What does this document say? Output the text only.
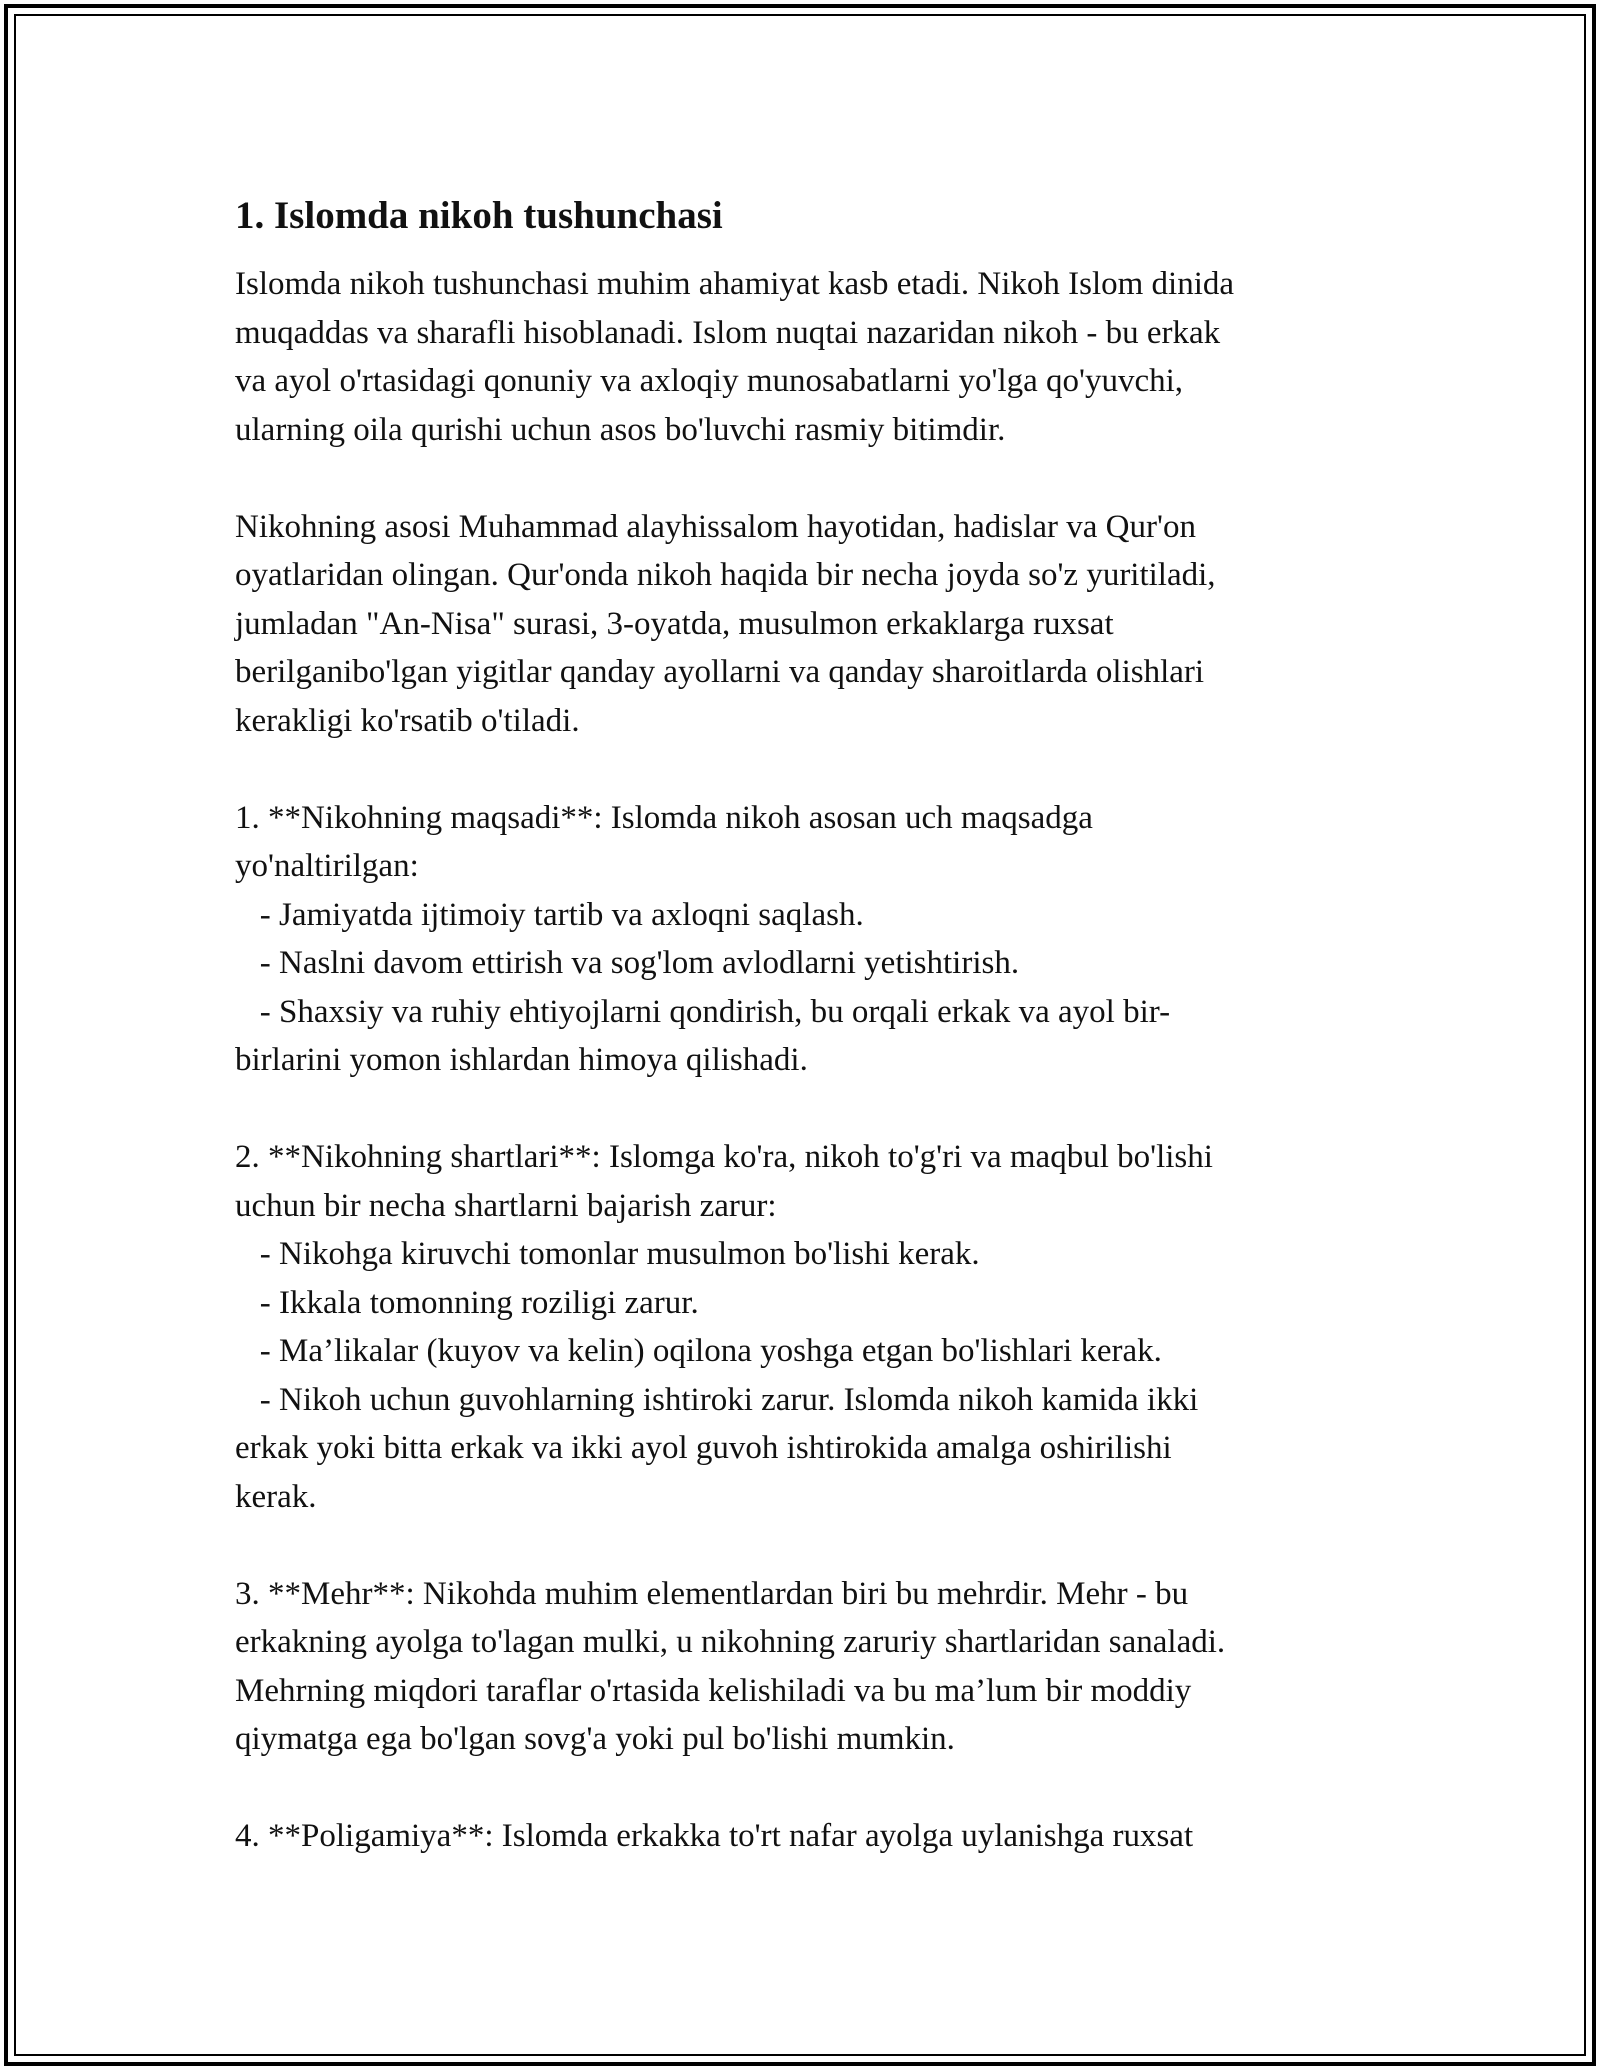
1. Islomda nikoh tushunchasi

Islomda nikoh tushunchasi muhim ahamiyat kasb etadi. Nikoh Islom dinida
muqaddas va sharafli hisoblanadi. Islom nuqtai nazaridan nikoh - bu erkak
va ayol o'rtasidagi qonuniy va axloqiy munosabatlarni yo'lga qo'yuvchi,
ularning oila qurishi uchun asos bo'luvchi rasmiy bitimdir.

Nikohning asosi Muhammad alayhissalom hayotidan, hadislar va Qur'on
oyatlaridan olingan. Qur'onda nikoh haqida bir necha joyda so'z yuritiladi,
jumladan "An-Nisa" surasi, 3-oyatda, musulmon erkaklarga ruxsat
berilganibo'lgan yigitlar qanday ayollarni va qanday sharoitlarda olishlari
kerakligi ko'rsatib o'tiladi.

1. **Nikohning maqsadi**: Islomda nikoh asosan uch maqsadga
yo'naltirilgan:
- Jamiyatda ijtimoiy tartib va axloqni saqlash.
- Naslni davom ettirish va sog'lom avlodlarni yetishtirish.
- Shaxsiy va ruhiy ehtiyojlarni qondirish, bu orqali erkak va ayol bir-
birlarini yomon ishlardan himoya qilishadi.

2. **Nikohning shartlari**: Islomga ko'ra, nikoh to'g'ri va maqbul bo'lishi
uchun bir necha shartlarni bajarish zarur:
- Nikohga kiruvchi tomonlar musulmon bo'lishi kerak.
- Ikkala tomonning roziligi zarur.
- Ma’likalar (kuyov va kelin) oqilona yoshga etgan bo'lishlari kerak.
- Nikoh uchun guvohlarning ishtiroki zarur. Islomda nikoh kamida ikki
erkak yoki bitta erkak va ikki ayol guvoh ishtirokida amalga oshirilishi
kerak.

3. **Mehr**: Nikohda muhim elementlardan biri bu mehrdir. Mehr - bu
erkakning ayolga to'lagan mulki, u nikohning zaruriy shartlaridan sanaladi.
Mehrning miqdori taraflar o'rtasida kelishiladi va bu ma’lum bir moddiy
qiymatga ega bo'lgan sovg'a yoki pul bo'lishi mumkin.

4. **Poligamiya**: Islomda erkakka to'rt nafar ayolga uylanishga ruxsat
